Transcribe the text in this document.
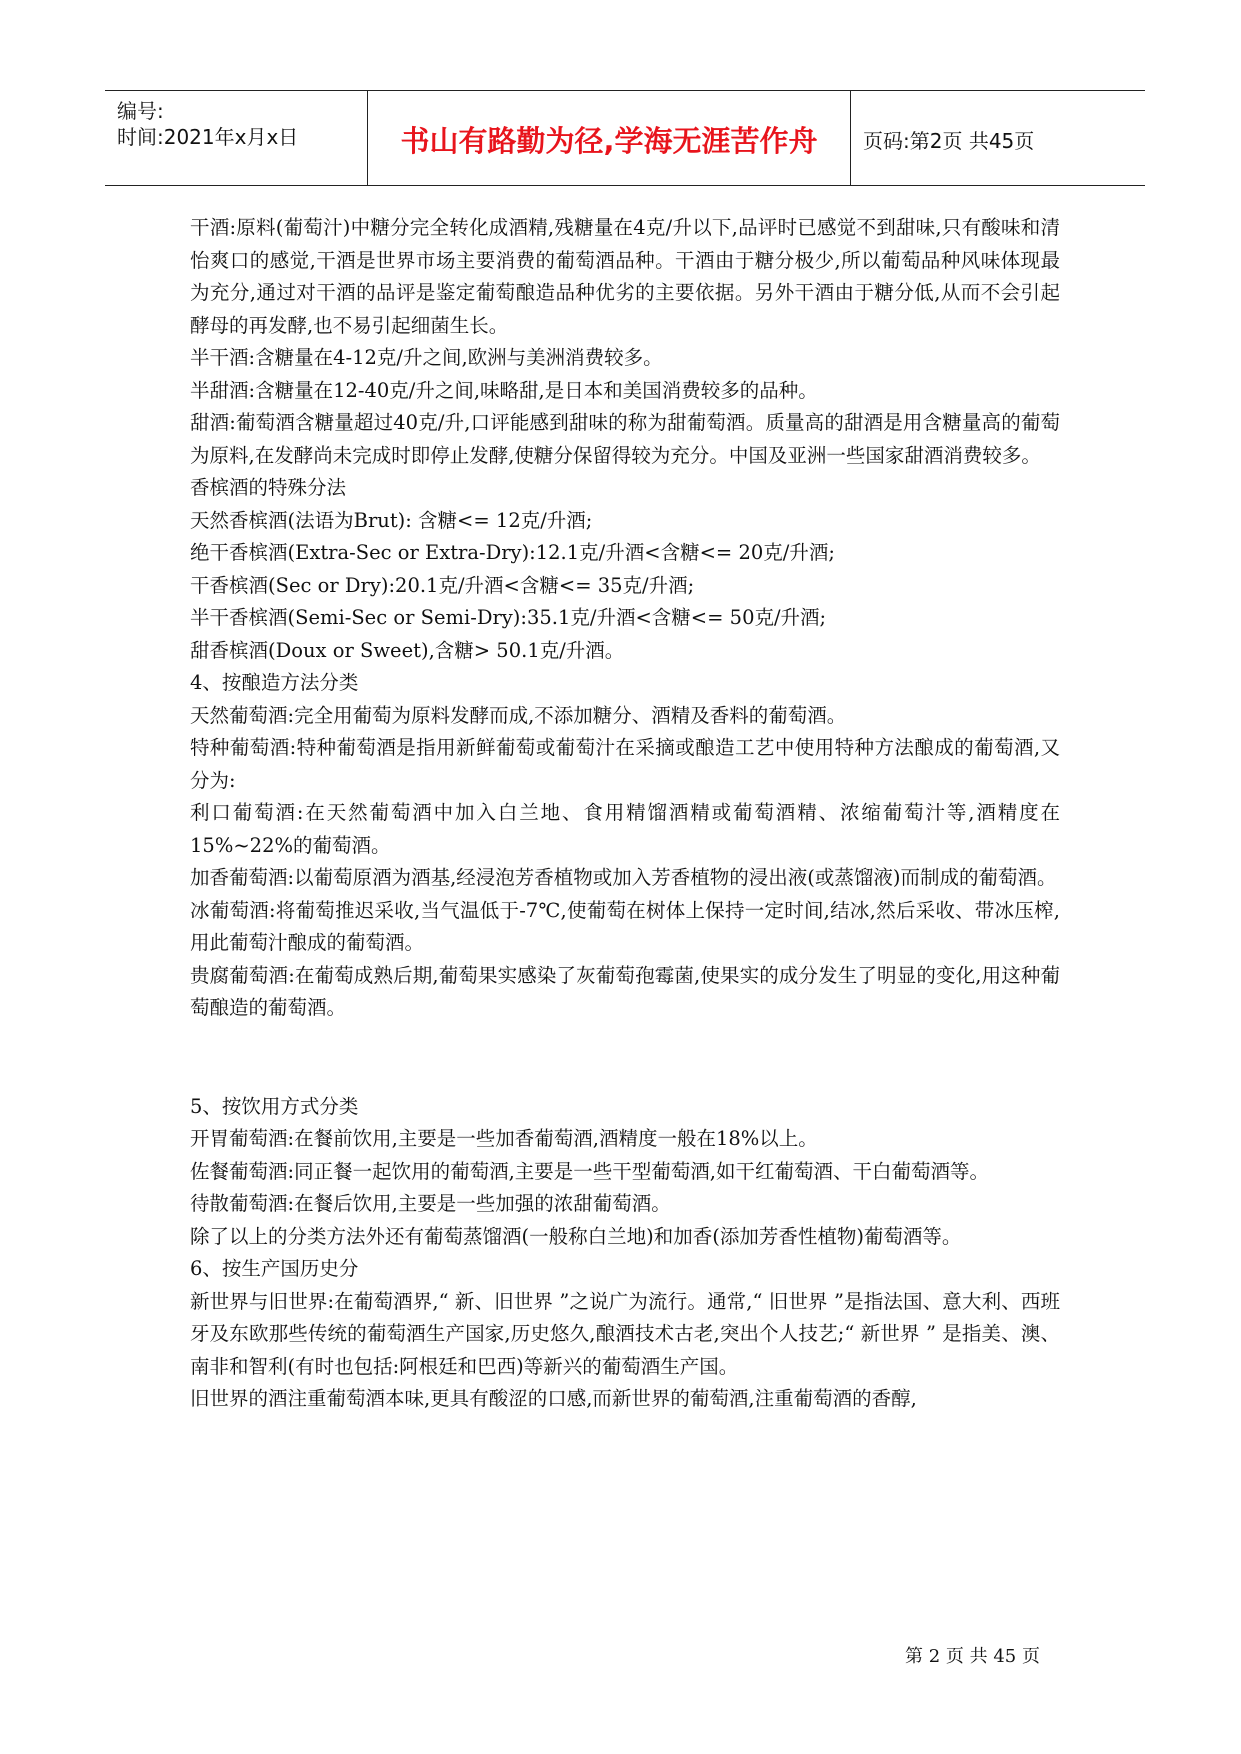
编号:
时间:2021年x月x日	书山有路勤为径,学海无涯苦作舟	页码:第2页 共45页

干酒:原料(葡萄汁)中糖分完全转化成酒精,残糖量在4克/升以下,品评时已感觉不到甜味,只有酸味和清怡爽口的感觉,干酒是世界市场主要消费的葡萄酒品种。干酒由于糖分极少,所以葡萄品种风味体现最为充分,通过对干酒的品评是鉴定葡萄酿造品种优劣的主要依据。另外干酒由于糖分低,从而不会引起酵母的再发酵,也不易引起细菌生长。

半干酒:含糖量在4-12克/升之间,欧洲与美洲消费较多。

半甜酒:含糖量在12-40克/升之间,味略甜,是日本和美国消费较多的品种。

甜酒:葡萄酒含糖量超过40克/升,口评能感到甜味的称为甜葡萄酒。质量高的甜酒是用含糖量高的葡萄为原料,在发酵尚未完成时即停止发酵,使糖分保留得较为充分。中国及亚洲一些国家甜酒消费较多。

香槟酒的特殊分法

天然香槟酒(法语为Brut): 含糖<= 12克/升酒;

绝干香槟酒(Extra-Sec or Extra-Dry):12.1克/升酒<含糖<= 20克/升酒;

干香槟酒(Sec or Dry):20.1克/升酒<含糖<= 35克/升酒;

半干香槟酒(Semi-Sec or Semi-Dry):35.1克/升酒<含糖<= 50克/升酒;

甜香槟酒(Doux or Sweet),含糖> 50.1克/升酒。

4、按酿造方法分类

天然葡萄酒:完全用葡萄为原料发酵而成,不添加糖分、酒精及香料的葡萄酒。

特种葡萄酒:特种葡萄酒是指用新鲜葡萄或葡萄汁在采摘或酿造工艺中使用特种方法酿成的葡萄酒,又分为:

利口葡萄酒:在天然葡萄酒中加入白兰地、食用精馏酒精或葡萄酒精、浓缩葡萄汁等,酒精度在15%~22%的葡萄酒。

加香葡萄酒:以葡萄原酒为酒基,经浸泡芳香植物或加入芳香植物的浸出液(或蒸馏液)而制成的葡萄酒。

冰葡萄酒:将葡萄推迟采收,当气温低于-7℃,使葡萄在树体上保持一定时间,结冰,然后采收、带冰压榨,用此葡萄汁酿成的葡萄酒。

贵腐葡萄酒:在葡萄成熟后期,葡萄果实感染了灰葡萄孢霉菌,使果实的成分发生了明显的变化,用这种葡萄酿造的葡萄酒。

5、按饮用方式分类

开胃葡萄酒:在餐前饮用,主要是一些加香葡萄酒,酒精度一般在18%以上。

佐餐葡萄酒:同正餐一起饮用的葡萄酒,主要是一些干型葡萄酒,如干红葡萄酒、干白葡萄酒等。

待散葡萄酒:在餐后饮用,主要是一些加强的浓甜葡萄酒。

除了以上的分类方法外还有葡萄蒸馏酒(一般称白兰地)和加香(添加芳香性植物)葡萄酒等。

6、按生产国历史分

新世界与旧世界:在葡萄酒界,“ 新、旧世界 ”之说广为流行。通常,“ 旧世界 ”是指法国、意大利、西班牙及东欧那些传统的葡萄酒生产国家,历史悠久,酿酒技术古老,突出个人技艺;“ 新世界 ” 是指美、澳、南非和智利(有时也包括:阿根廷和巴西)等新兴的葡萄酒生产国。

旧世界的酒注重葡萄酒本味,更具有酸涩的口感,而新世界的葡萄酒,注重葡萄酒的香醇,

第 2 页 共 45 页
